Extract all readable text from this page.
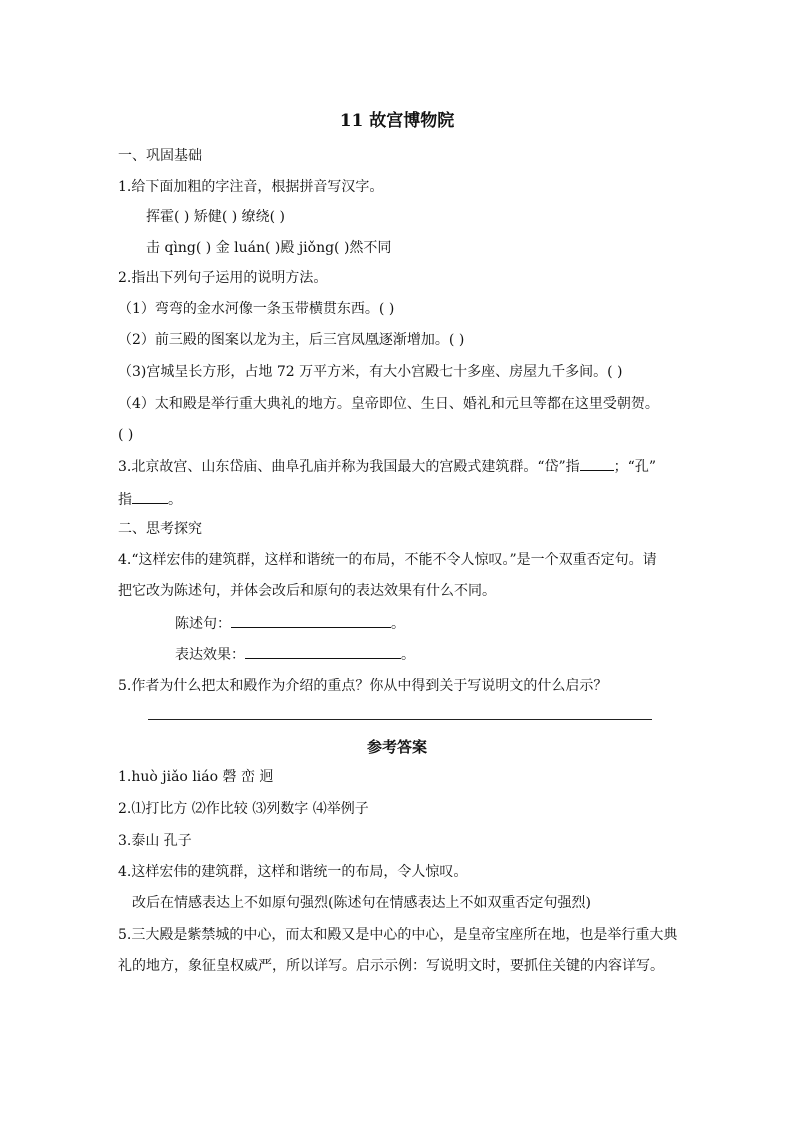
11 故宫博物院
一、巩固基础
1.给下面加粗的字注音，根据拼音写汉字。
挥霍( ) 矫健( ) 缭绕( )
击 qìng( ) 金 luán( )殿 jiǒng( )然不同
2.指出下列句子运用的说明方法。
（1）弯弯的金水河像一条玉带横贯东西。( )
（2）前三殿的图案以龙为主，后三宫凤凰逐渐增加。( )
（3)宫城呈长方形，占地 72 万平方米，有大小宫殿七十多座、房屋九千多间。( )
（4）太和殿是举行重大典礼的地方。皇帝即位、生日、婚礼和元旦等都在这里受朝贺。
( )
3.北京故宫、山东岱庙、曲阜孔庙并称为我国最大的宫殿式建筑群。“岱”指 ；“孔”
指	。
二、思考探究
4.“这样宏伟的建筑群，这样和谐统一的布局，不能不令人惊叹。”是一个双重否定句。请
把它改为陈述句，并体会改后和原句的表达效果有什么不同。
陈述句：	。
表达效果：	。
5.作者为什么把太和殿作为介绍的重点？你从中得到关于写说明文的什么启示？
参考答案
1.huò jiǎo liáo 磬 峦 迥
2.⑴打比方 ⑵作比较 ⑶列数字 ⑷举例子
3.泰山 孔子
4.这样宏伟的建筑群，这样和谐统一的布局，令人惊叹。
改后在情感表达上不如原句强烈(陈述句在情感表达上不如双重否定句强烈)
5.三大殿是紫禁城的中心，而太和殿又是中心的中心，是皇帝宝座所在地，也是举行重大典
礼的地方，象征皇权威严，所以详写。启示示例：写说明文时，要抓住关键的内容详写。
